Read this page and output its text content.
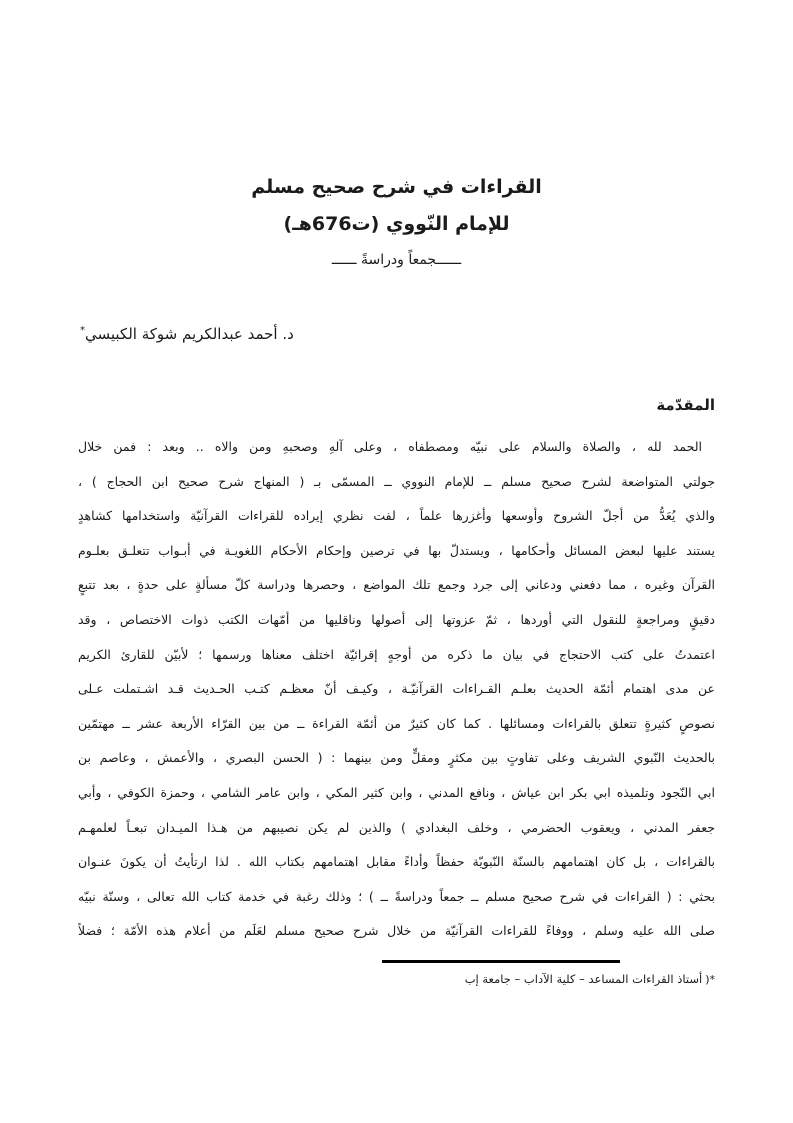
القراءات في شرح صحيح مسلم
للإمام النّووي (ت676هـ)
ــــــجمعاً ودراسةً ــــــ
د. أحمد عبدالكريم شوكة الكبيسي*
المقدّمة
الحمد لله ، والصلاة والسلام على نبيّه ومصطفاه ، وعلى آلهِ وصحبهِ ومن والاه .. وبعد : فمن خلال
جولتي المتواضعة لشرح صحيح مسلم ــ للإمام النووي ــ المسمّى بـ ( المنهاج شرح صحيح ابن الحجاج ) ،
والذي يُعَدُّ من أجلّ الشروح وأوسعها وأغزرها علماً ، لفت نظري إيراده للقراءات القرآنيّة واستخدامها كشاهدٍ
يستند عليها لبعض المسائل وأحكامها ، ويستدلّ بها في ترصين وإحكام الأحكام اللغويـة في أبـواب تتعلـق بعلـوم
القرآن وغيره ، مما دفعني ودعاني إلى جرد وجمع تلك المواضع ، وحصرها ودراسة كلّ مسألةٍ على حدةٍ ، بعد تتبعٍ
دقيقٍ ومراجعةٍ للنقول التي أوردها ، ثمّ عزوتها إلى أصولها وناقليها من أمّهات الكتب ذوات الاختصاص ، وقد
اعتمدتُ على كتب الاحتجاج في بيان ما ذكره من أوجهٍ إقرائيّة اختلف معناها ورسمها ؛ لأبيّن للقارئ الكريم
عن مدى اهتمام أئمّة الحديث بعلـم القـراءات القرآنيّـة ، وكيـف أنّ معظـم كتـب الحـديث قـد اشـتملت عـلى
نصوصٍ كثيرةٍ تتعلق بالقراءات ومسائلها . كما كان كثيرٌ من أئمّة القراءة ــ من بين القرّاء الأربعة عشر ــ مهتمّين
بالحديث النّبوي الشريف وعلى تفاوتٍ بين مكثرٍ ومقلٍّ ومن بينهما : ( الحسن البصري ، والأعمش ، وعاصم بن
ابي النّجود وتلميذه ابي بكر ابن عياش ، ونافع المدني ، وابن كثير المكي ، وابن عامر الشامي ، وحمزة الكوفي ، وأبي
جعفر المدني ، ويعقوب الحضرمي ، وخلف البغدادي ) والذين لم يكن نصيبهم من هـذا الميـدان تبعـاً لعلمهـم
بالقراءات ، بل كان اهتمامهم بالسنّة النّبويّة حفظاً وأداءً مقابل اهتمامهم بكتاب الله . لذا ارتأيتُ أن يكونَ عنـوان
بحثي : ( القراءات في شرح صحيح مسلم ــ جمعاً ودراسةً ــ ) ؛ وذلك رغبة في خدمة كتاب الله تعالى ، وسنّة نبيّه
صلى الله عليه وسلم ، ووفاءً للقراءات القرآنيّة من خلال شرح صحيح مسلم لعَلَم من أعلام هذه الأمّة ؛ فضلاً
)*أستاذ القراءات المساعد – كلية الآداب – جامعة إب
